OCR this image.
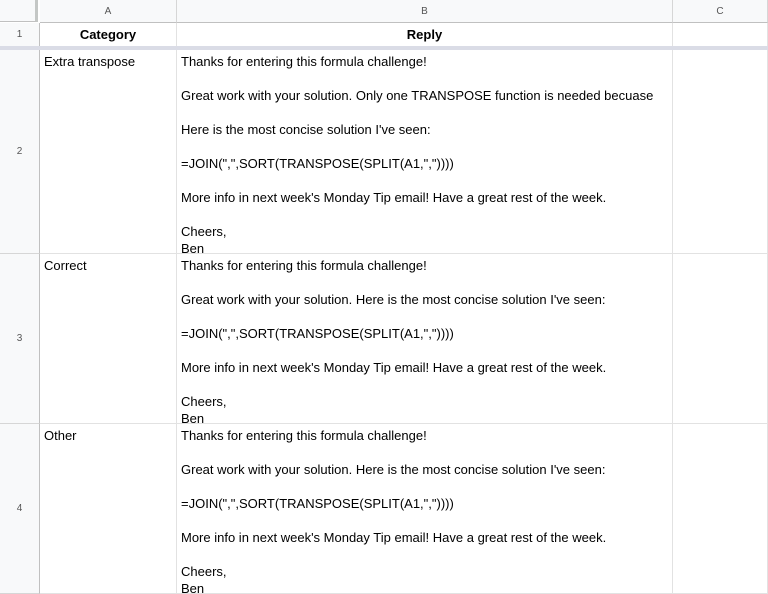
A	B	C
1	Category	Reply
2
Extra transpose	Thanks for entering this formula challenge!
Great work with your solution. Only one TRANSPOSE function is needed becuase
Here is the most concise solution I've seen:
=JOIN(",",SORT(TRANSPOSE(SPLIT(A1,","))))
More info in next week's Monday Tip email! Have a great rest of the week.
Cheers,
Ben
3
Correct	Thanks for entering this formula challenge!
Great work with your solution. Here is the most concise solution I've seen:
=JOIN(",",SORT(TRANSPOSE(SPLIT(A1,","))))
More info in next week's Monday Tip email! Have a great rest of the week.
Cheers,
Ben
4
Other	Thanks for entering this formula challenge!
Great work with your solution. Here is the most concise solution I've seen:
=JOIN(",",SORT(TRANSPOSE(SPLIT(A1,","))))
More info in next week's Monday Tip email! Have a great rest of the week.
Cheers,
Ben
